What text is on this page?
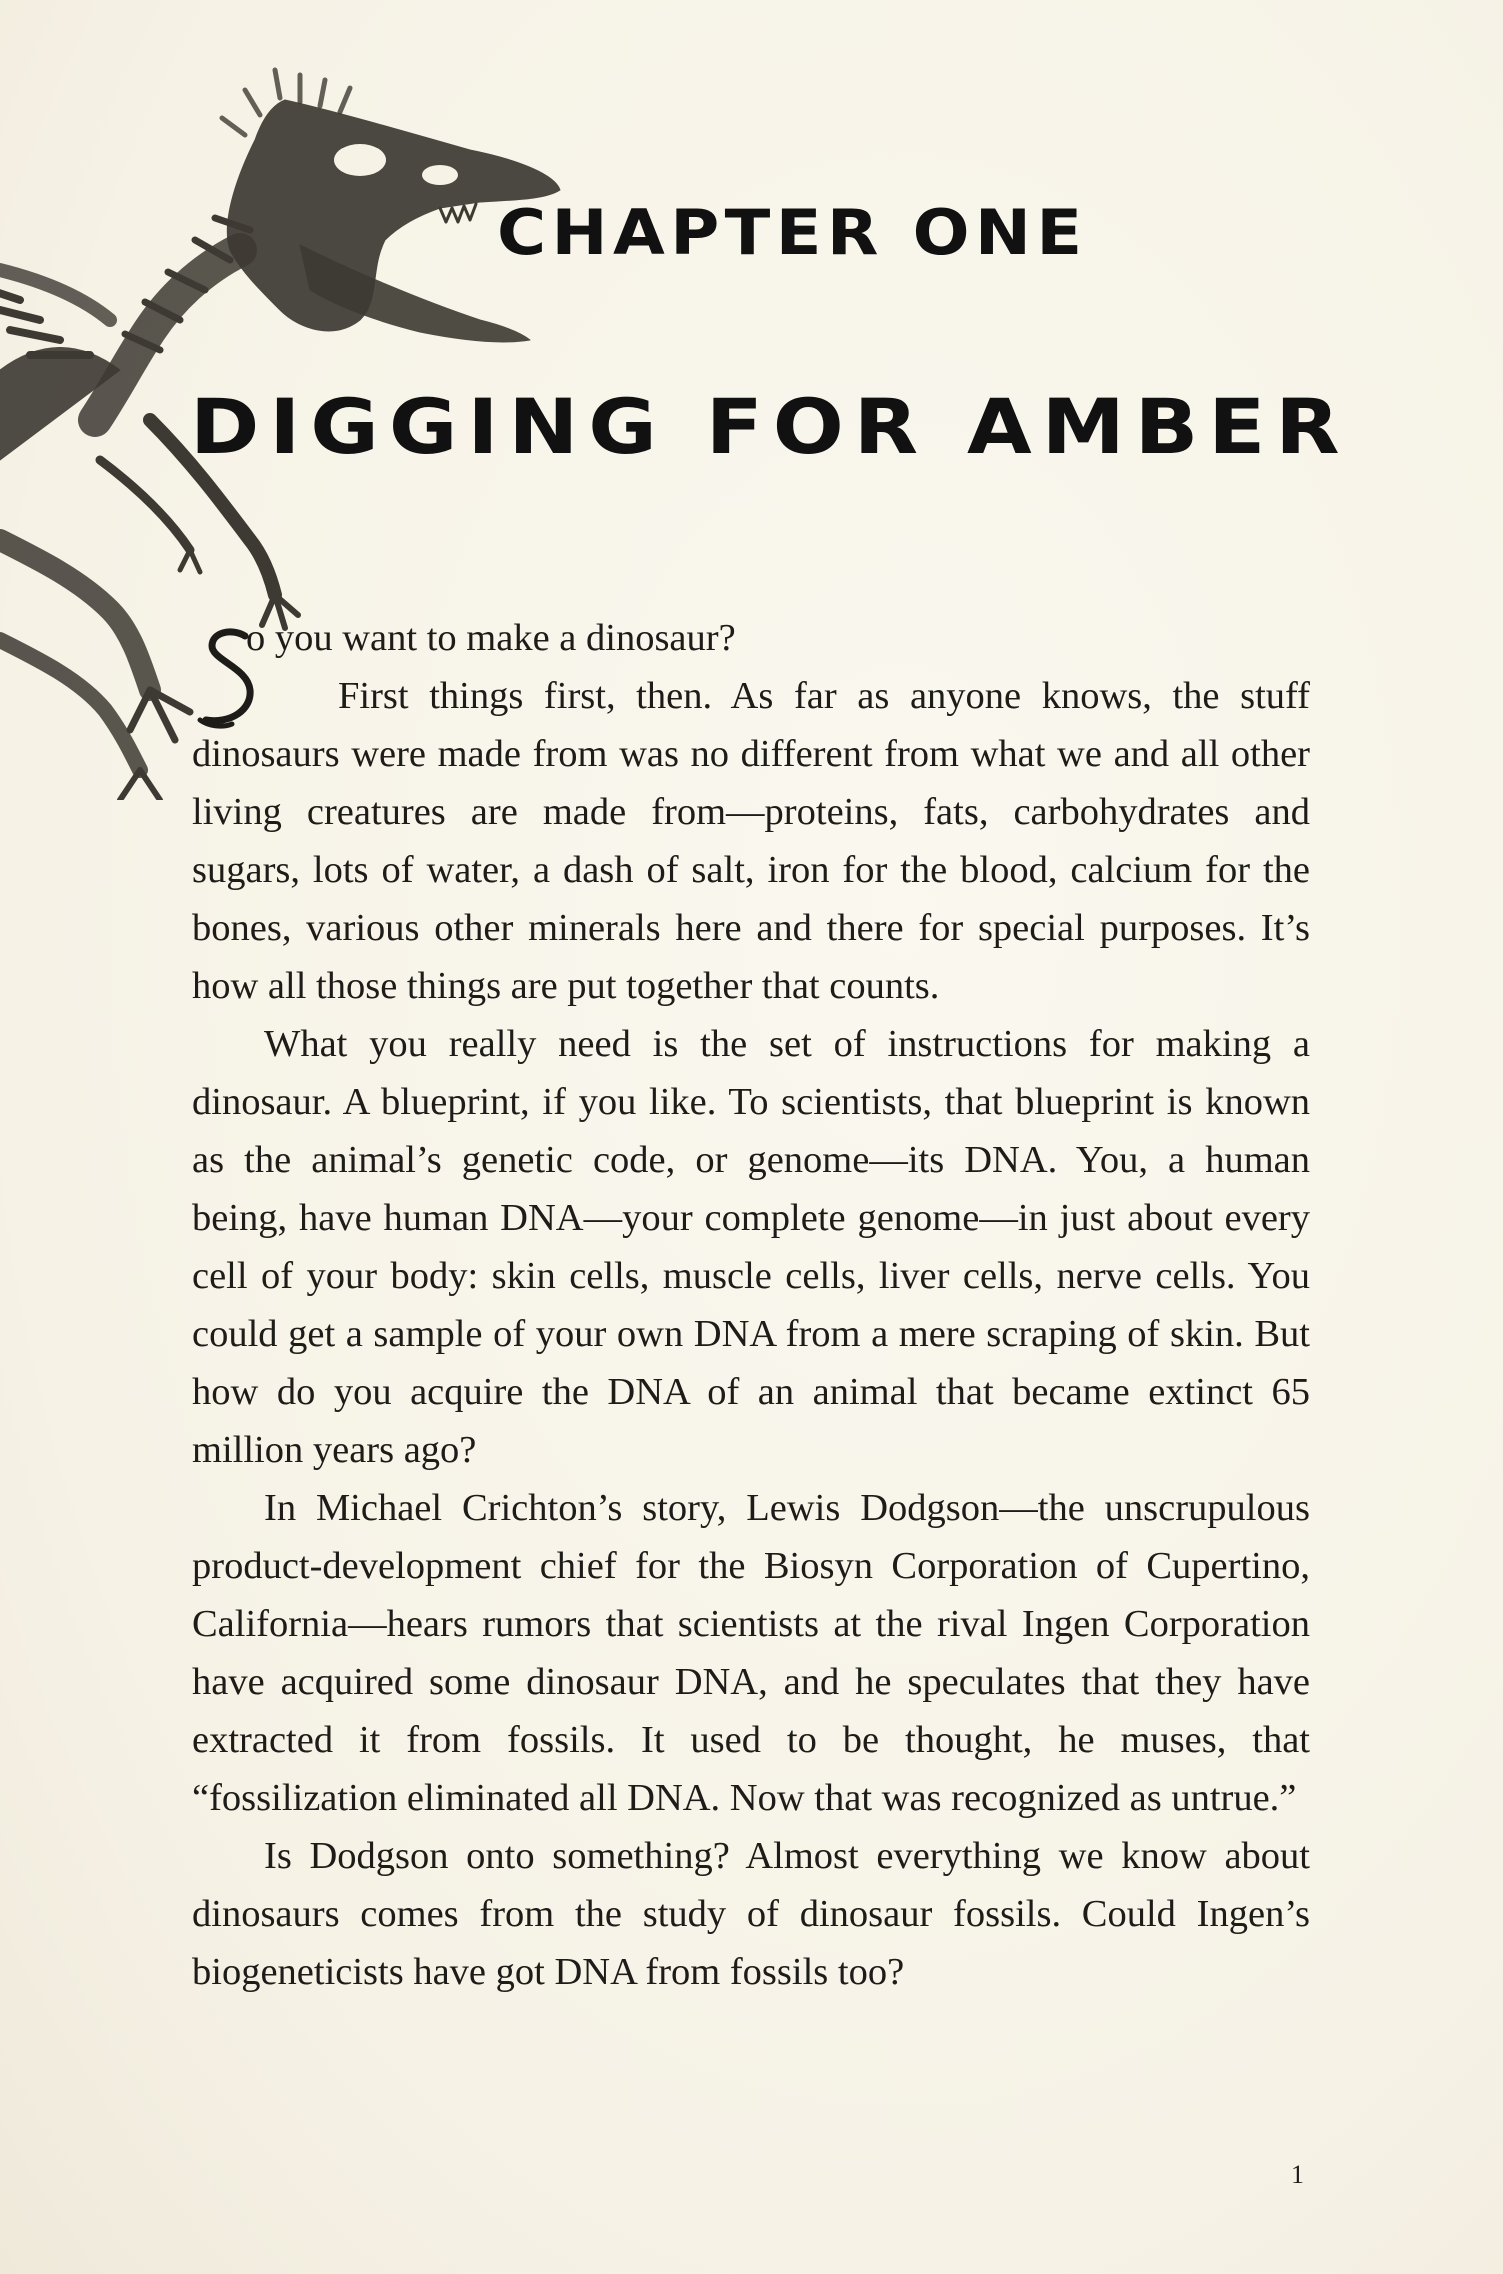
CHAPTER ONE
DIGGING FOR AMBER

o you want to make a dinosaur?
First things first, then. As far as anyone knows, the stuff dinosaurs were made from was no different from what we and all other living creatures are made from—proteins, fats, carbohydrates and sugars, lots of water, a dash of salt, iron for the blood, calcium for the bones, various other minerals here and there for special purposes. It’s how all those things are put together that counts.

What you really need is the set of instructions for making a dinosaur. A blueprint, if you like. To scientists, that blueprint is known as the animal’s genetic code, or genome—its DNA. You, a human being, have human DNA—your complete genome—in just about every cell of your body: skin cells, muscle cells, liver cells, nerve cells. You could get a sample of your own DNA from a mere scraping of skin. But how do you acquire the DNA of an animal that became extinct 65 million years ago?

In Michael Crichton’s story, Lewis Dodgson—the unscrupulous product-development chief for the Biosyn Corporation of Cupertino, California—hears rumors that scientists at the rival Ingen Corporation have acquired some dinosaur DNA, and he speculates that they have extracted it from fossils. It used to be thought, he muses, that “fossilization eliminated all DNA. Now that was recognized as untrue.”

Is Dodgson onto something? Almost everything we know about dinosaurs comes from the study of dinosaur fossils. Could Ingen’s biogeneticists have got DNA from fossils too?

1
